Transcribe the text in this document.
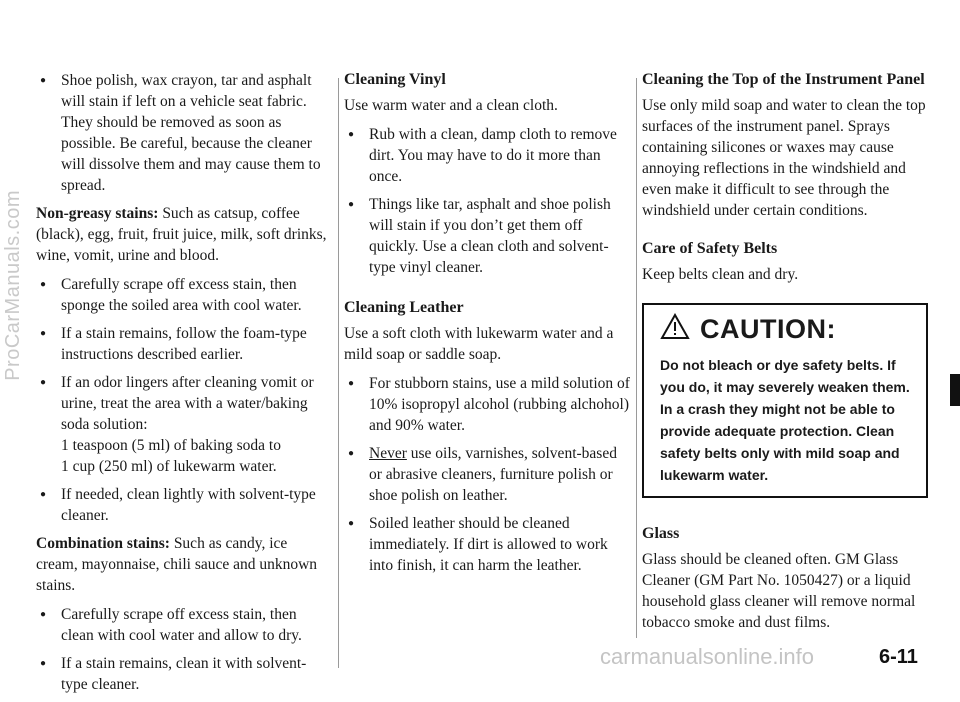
● Shoe polish, wax crayon, tar and asphalt will stain if left on a vehicle seat fabric. They should be removed as soon as possible. Be careful, because the cleaner will dissolve them and may cause them to spread.

Non-greasy stains: Such as catsup, coffee (black), egg, fruit, fruit juice, milk, soft drinks, wine, vomit, urine and blood.

● Carefully scrape off excess stain, then sponge the soiled area with cool water.
● If a stain remains, follow the foam-type instructions described earlier.
● If an odor lingers after cleaning vomit or urine, treat the area with a water/baking soda solution:
1 teaspoon (5 ml) of baking soda to
1 cup (250 ml) of lukewarm water.
● If needed, clean lightly with solvent-type cleaner.

Combination stains: Such as candy, ice cream, mayonnaise, chili sauce and unknown stains.

● Carefully scrape off excess stain, then clean with cool water and allow to dry.
● If a stain remains, clean it with solvent-type cleaner.
Cleaning Vinyl

Use warm water and a clean cloth.

● Rub with a clean, damp cloth to remove dirt. You may have to do it more than once.
● Things like tar, asphalt and shoe polish will stain if you don’t get them off quickly. Use a clean cloth and solvent-type vinyl cleaner.
Cleaning Leather

Use a soft cloth with lukewarm water and a mild soap or saddle soap.

● For stubborn stains, use a mild solution of 10% isopropyl alcohol (rubbing alchohol) and 90% water.
● Never use oils, varnishes, solvent-based or abrasive cleaners, furniture polish or shoe polish on leather.
● Soiled leather should be cleaned immediately. If dirt is allowed to work into finish, it can harm the leather.
Cleaning the Top of the Instrument Panel

Use only mild soap and water to clean the top surfaces of the instrument panel. Sprays containing silicones or waxes may cause annoying reflections in the windshield and even make it difficult to see through the windshield under certain conditions.

Care of Safety Belts

Keep belts clean and dry.

CAUTION:
Do not bleach or dye safety belts. If you do, it may severely weaken them. In a crash they might not be able to provide adequate protection. Clean safety belts only with mild soap and lukewarm water.
Glass

Glass should be cleaned often. GM Glass Cleaner (GM Part No. 1050427) or a liquid household glass cleaner will remove normal tobacco smoke and dust films.

6-11
ProCarManuals.com
carmanualsonline.info
